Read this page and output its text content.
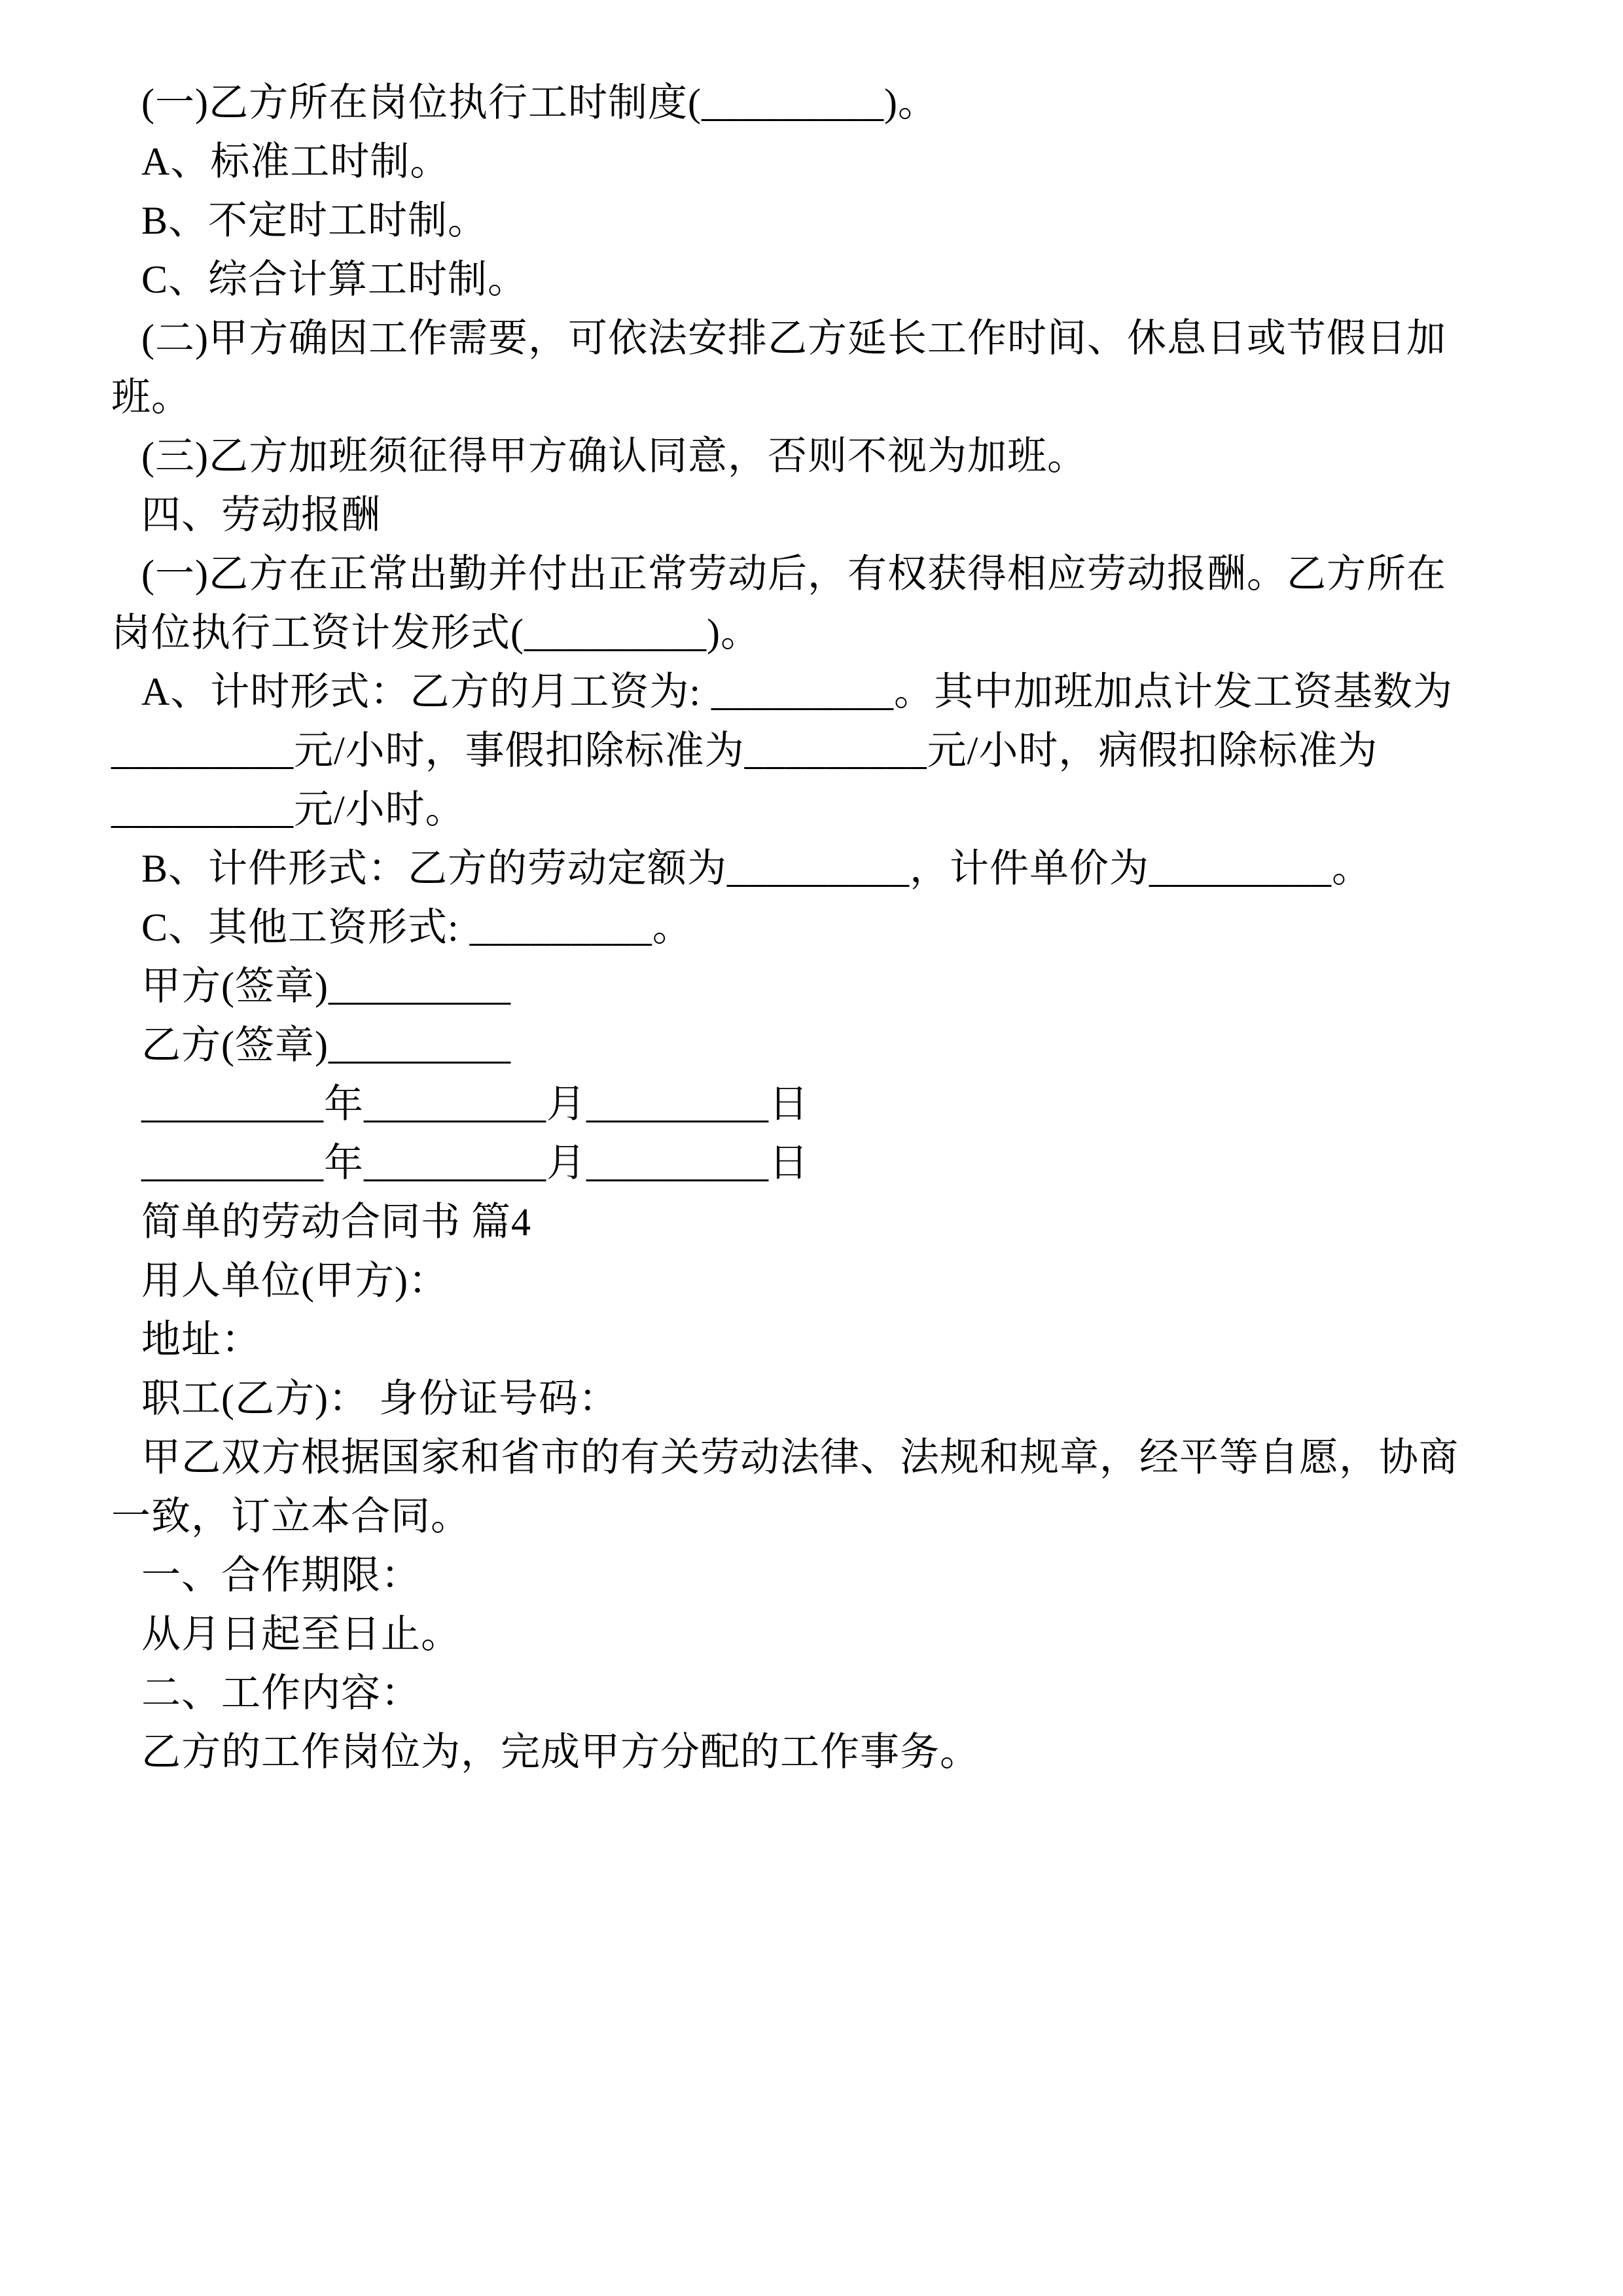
(一)乙方所在岗位执行工时制度(_________)。
A、标准工时制。
B、不定时工时制。
C、综合计算工时制。
(二)甲方确因工作需要，可依法安排乙方延长工作时间、休息日或节假日加
班。
(三)乙方加班须征得甲方确认同意，否则不视为加班。
四、劳动报酬
(一)乙方在正常出勤并付出正常劳动后，有权获得相应劳动报酬。乙方所在
岗位执行工资计发形式(_________)。
A、计时形式：乙方的月工资为: _________。其中加班加点计发工资基数为
_________元/小时，事假扣除标准为_________元/小时，病假扣除标准为
_________元/小时。
B、计件形式：乙方的劳动定额为_________，计件单价为_________。
C、其他工资形式: _________。
甲方(签章)_________
乙方(签章)_________
_________年_________月_________日
_________年_________月_________日
简单的劳动合同书 篇4
用人单位(甲方)：
地址：
职工(乙方)： 身份证号码：
甲乙双方根据国家和省市的有关劳动法律、法规和规章，经平等自愿，协商
一致，订立本合同。
一、合作期限：
从月日起至日止。
二、工作内容：
乙方的工作岗位为，完成甲方分配的工作事务。
